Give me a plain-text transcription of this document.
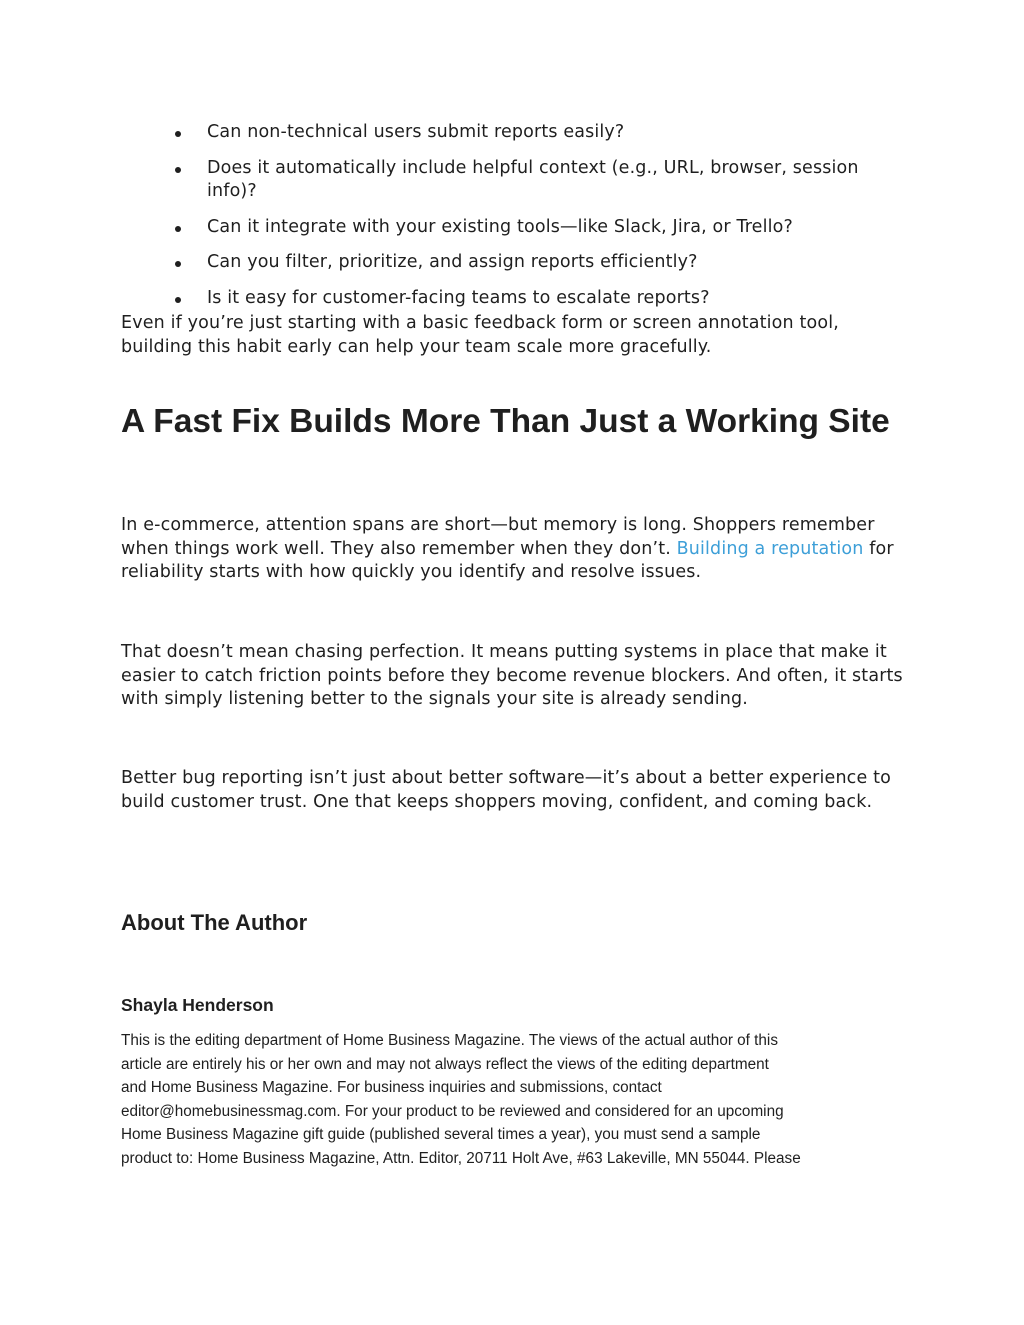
Can non-technical users submit reports easily?
Does it automatically include helpful context (e.g., URL, browser, session info)?
Can it integrate with your existing tools—like Slack, Jira, or Trello?
Can you filter, prioritize, and assign reports efficiently?
Is it easy for customer-facing teams to escalate reports?

Even if you’re just starting with a basic feedback form or screen annotation tool, building this habit early can help your team scale more gracefully.

A Fast Fix Builds More Than Just a Working Site

In e-commerce, attention spans are short—but memory is long. Shoppers remember when things work well. They also remember when they don’t. Building a reputation for reliability starts with how quickly you identify and resolve issues.

That doesn’t mean chasing perfection. It means putting systems in place that make it easier to catch friction points before they become revenue blockers. And often, it starts with simply listening better to the signals your site is already sending.

Better bug reporting isn’t just about better software—it’s about a better experience to build customer trust. One that keeps shoppers moving, confident, and coming back.

About The Author
Shayla Henderson
This is the editing department of Home Business Magazine. The views of the actual author of this
article are entirely his or her own and may not always reflect the views of the editing department
and Home Business Magazine. For business inquiries and submissions, contact
editor@homebusinessmag.com. For your product to be reviewed and considered for an upcoming
Home Business Magazine gift guide (published several times a year), you must send a sample
product to: Home Business Magazine, Attn. Editor, 20711 Holt Ave, #63 Lakeville, MN 55044. Please
